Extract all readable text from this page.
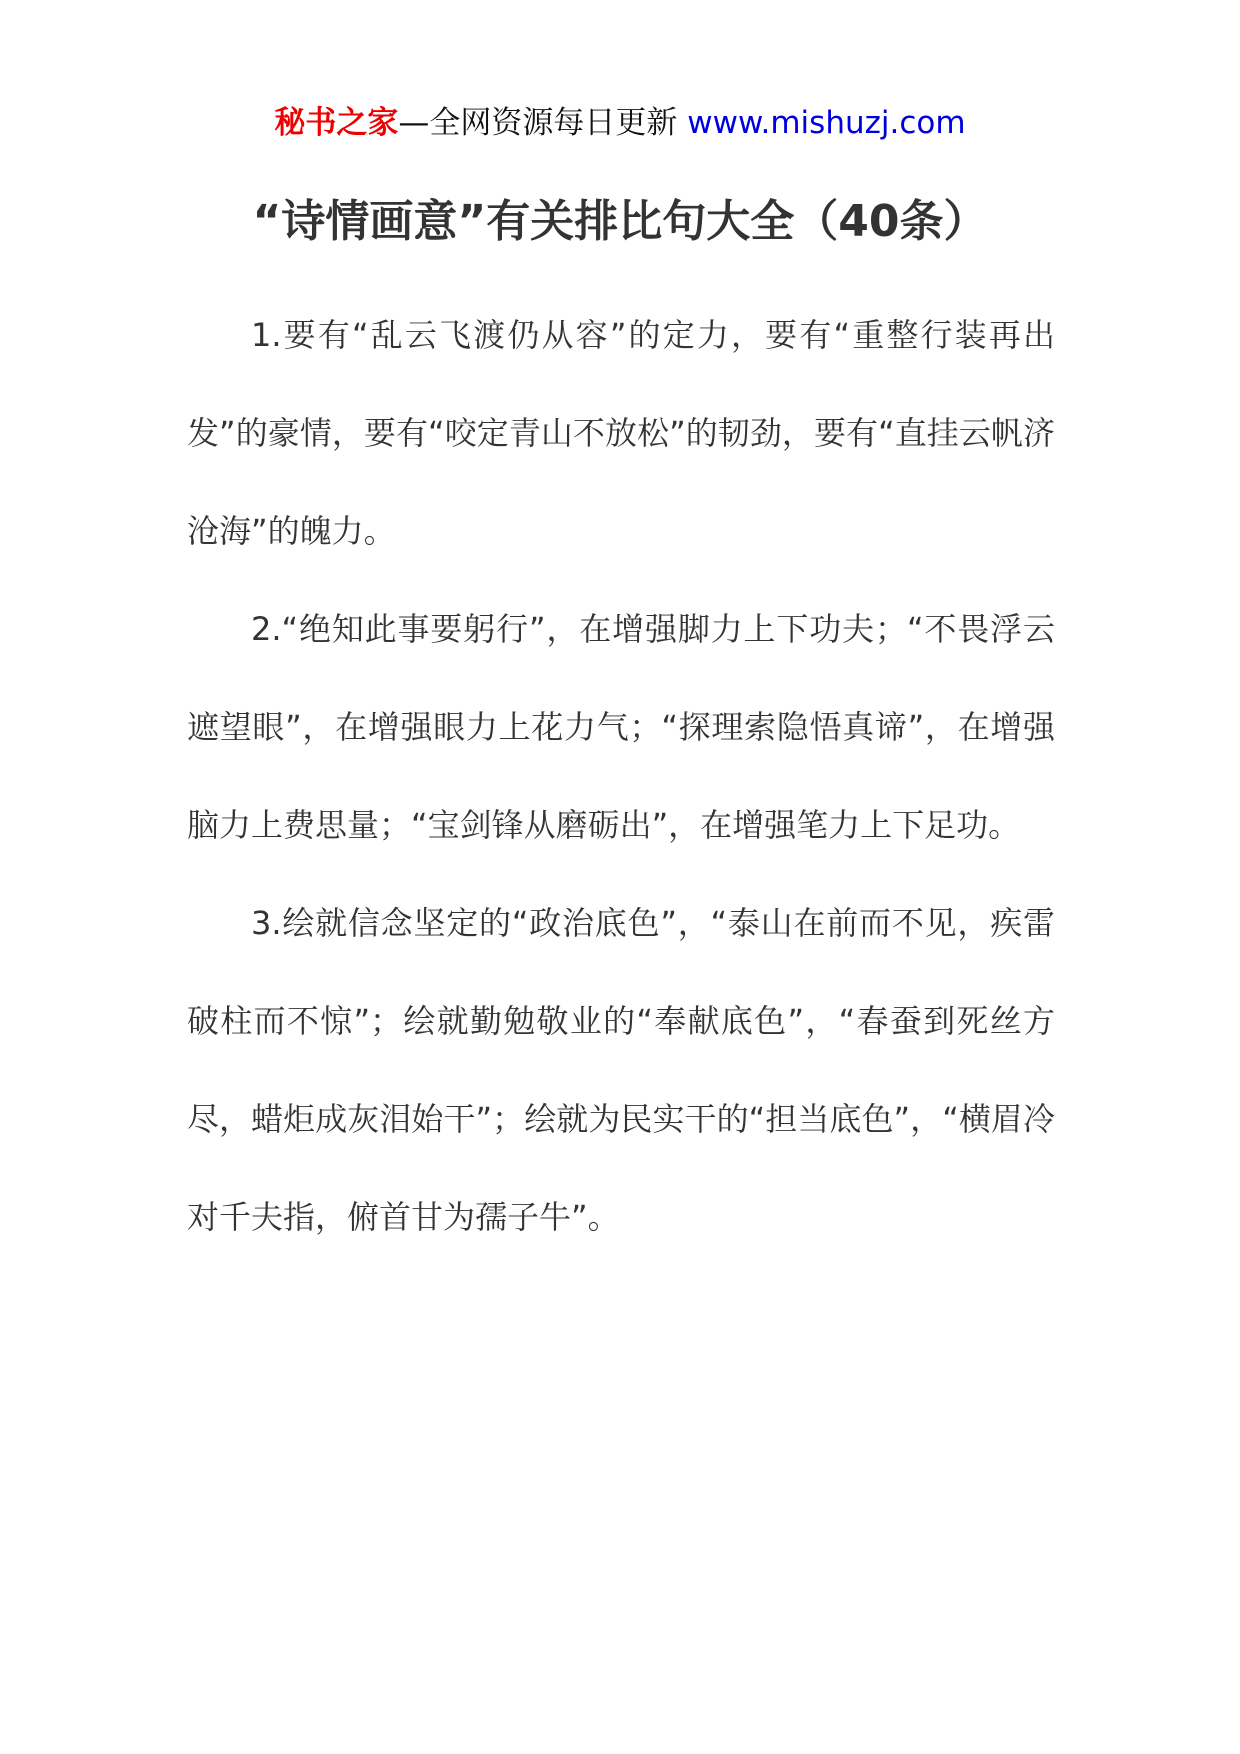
秘书之家—全网资源每日更新 www.mishuzj.com
“诗情画意”有关排比句大全（40条）

1.要有“乱云飞渡仍从容”的定力，要有“重整行装再出发”的豪情，要有“咬定青山不放松”的韧劲，要有“直挂云帆济沧海”的魄力。

2.“绝知此事要躬行”，在增强脚力上下功夫；“不畏浮云遮望眼”，在增强眼力上花力气；“探理索隐悟真谛”，在增强脑力上费思量；“宝剑锋从磨砺出”，在增强笔力上下足功。

3.绘就信念坚定的“政治底色”，“泰山在前而不见，疾雷破柱而不惊”；绘就勤勉敬业的“奉献底色”，“春蚕到死丝方尽，蜡炬成灰泪始干”；绘就为民实干的“担当底色”，“横眉冷对千夫指，俯首甘为孺子牛”。
